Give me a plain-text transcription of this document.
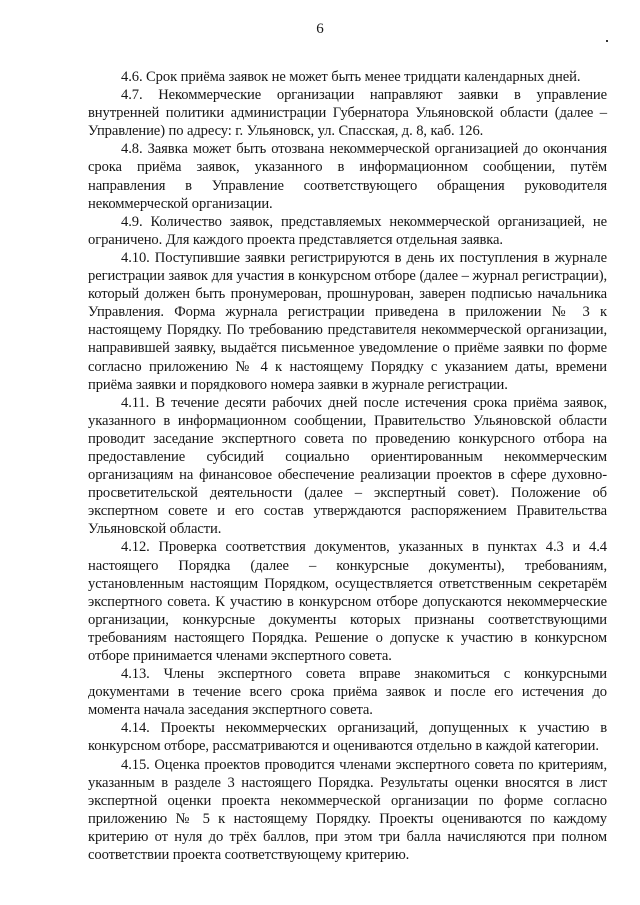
6

4.6. Срок приёма заявок не может быть менее тридцати календарных дней.

4.7. Некоммерческие организации направляют заявки в управление внутренней политики администрации Губернатора Ульяновской области (далее – Управление) по адресу: г. Ульяновск, ул. Спасская, д. 8, каб. 126.

4.8. Заявка может быть отозвана некоммерческой организацией до окончания срока приёма заявок, указанного в информационном сообщении, путём направления в Управление соответствующего обращения руководителя некоммерческой организации.

4.9. Количество заявок, представляемых некоммерческой организацией, не ограничено. Для каждого проекта представляется отдельная заявка.

4.10. Поступившие заявки регистрируются в день их поступления в журнале регистрации заявок для участия в конкурсном отборе (далее – журнал регистрации), который должен быть пронумерован, прошнурован, заверен подписью начальника Управления. Форма журнала регистрации приведена в приложении № 3 к настоящему Порядку. По требованию представителя некоммерческой организации, направившей заявку, выдаётся письменное уведомление о приёме заявки по форме согласно приложению № 4 к настоящему Порядку с указанием даты, времени приёма заявки и порядкового номера заявки в журнале регистрации.

4.11. В течение десяти рабочих дней после истечения срока приёма заявок, указанного в информационном сообщении, Правительство Ульяновской области проводит заседание экспертного совета по проведению конкурсного отбора на предоставление субсидий социально ориентированным некоммерческим организациям на финансовое обеспечение реализации проектов в сфере духовно-просветительской деятельности (далее – экспертный совет). Положение об экспертном совете и его состав утверждаются распоряжением Правительства Ульяновской области.

4.12. Проверка соответствия документов, указанных в пунктах 4.3 и 4.4 настоящего Порядка (далее – конкурсные документы), требованиям, установленным настоящим Порядком, осуществляется ответственным секретарём экспертного совета. К участию в конкурсном отборе допускаются некоммерческие организации, конкурсные документы которых признаны соответствующими требованиям настоящего Порядка. Решение о допуске к участию в конкурсном отборе принимается членами экспертного совета.

4.13. Члены экспертного совета вправе знакомиться с конкурсными документами в течение всего срока приёма заявок и после его истечения до момента начала заседания экспертного совета.

4.14. Проекты некоммерческих организаций, допущенных к участию в конкурсном отборе, рассматриваются и оцениваются отдельно в каждой категории.

4.15. Оценка проектов проводится членами экспертного совета по критериям, указанным в разделе 3 настоящего Порядка. Результаты оценки вносятся в лист экспертной оценки проекта некоммерческой организации по форме согласно приложению № 5 к настоящему Порядку. Проекты оцениваются по каждому критерию от нуля до трёх баллов, при этом три балла начисляются при полном соответствии проекта соответствующему критерию.
